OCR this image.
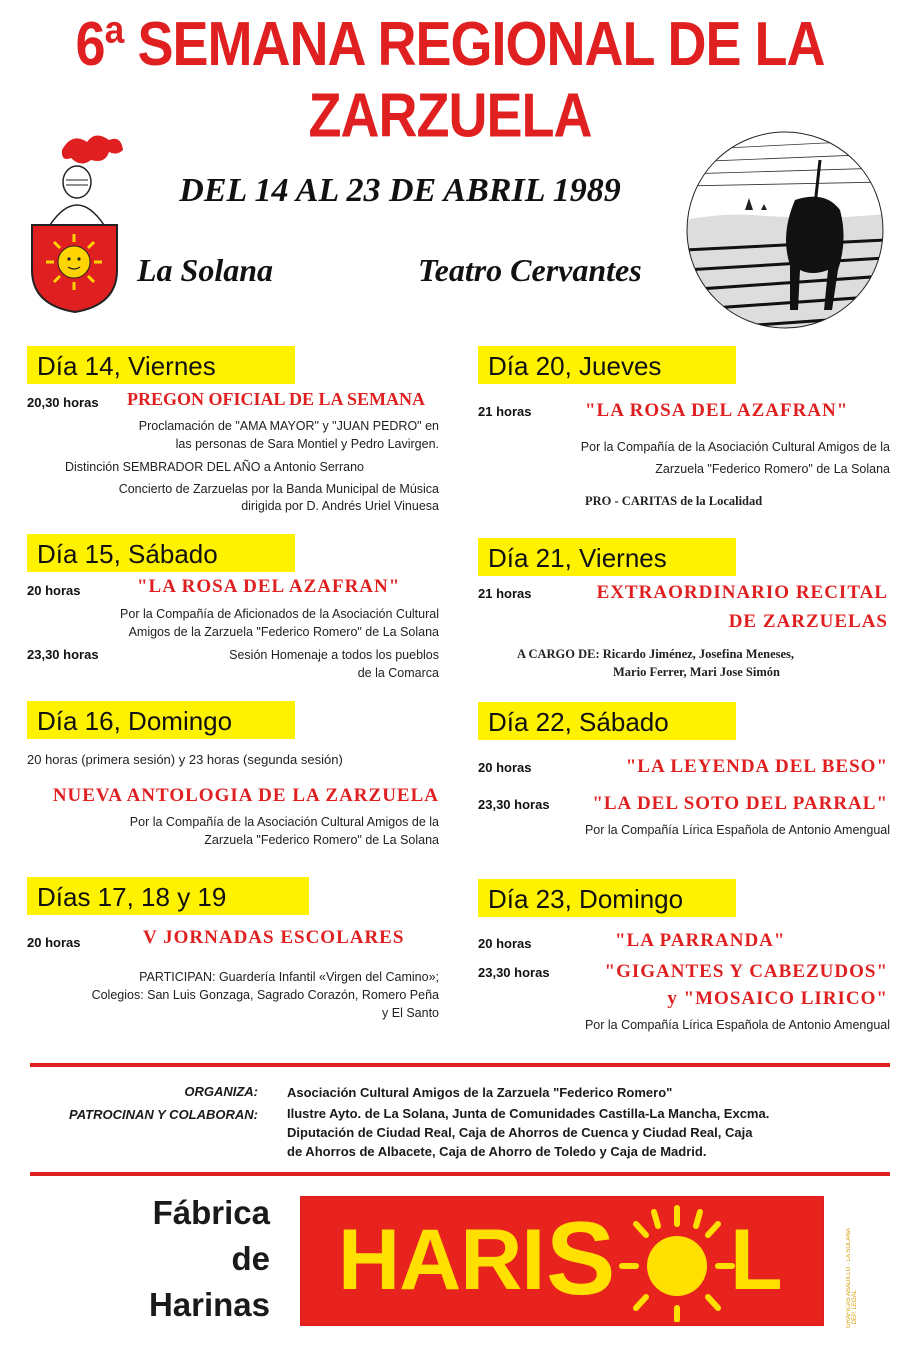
6ª SEMANA REGIONAL DE LA ZARZUELA
DEL 14 AL 23 DE ABRIL 1989
La Solana	Teatro Cervantes
Día 14, Viernes
20,30 horas PREGON OFICIAL DE LA SEMANA
Proclamación de "AMA MAYOR" y "JUAN PEDRO" en
las personas de Sara Montiel y Pedro Lavirgen.
Distinción SEMBRADOR DEL AÑO a Antonio Serrano
Concierto de Zarzuelas por la Banda Municipal de Música
dirigida por D. Andrés Uriel Vinuesa
Día 15, Sábado
20 horas	"LA ROSA DEL AZAFRAN"
Por la Compañía de Aficionados de la Asociación Cultural
Amigos de la Zarzuela "Federico Romero" de La Solana
23,30 horas	Sesión Homenaje a todos los pueblos
de la Comarca
Día 16, Domingo
20 horas (primera sesión) y 23 horas (segunda sesión)
NUEVA ANTOLOGIA DE LA ZARZUELA
Por la Compañía de la Asociación Cultural Amigos de la
Zarzuela "Federico Romero" de La Solana
Días 17, 18 y 19
20 horas	V JORNADAS ESCOLARES
PARTICIPAN: Guardería Infantil «Virgen del Camino»;
Colegios: San Luis Gonzaga, Sagrado Corazón, Romero Peña
y El Santo
Día 20, Jueves
21 horas	"LA ROSA DEL AZAFRAN"
Por la Compañía de la Asociación Cultural Amigos de la
Zarzuela "Federico Romero" de La Solana
PRO - CARITAS de la Localidad
Día 21, Viernes
21 horas	EXTRAORDINARIO RECITAL
DE ZARZUELAS
A CARGO DE: Ricardo Jiménez, Josefina Meneses,
Mario Ferrer, Mari Jose Simón
Día 22, Sábado
20 horas	"LA LEYENDA DEL BESO"
23,30 horas	"LA DEL SOTO DEL PARRAL"
Por la Compañía Lírica Española de Antonio Amengual
Día 23, Domingo
20 horas	"LA PARRANDA"
23,30 horas	"GIGANTES Y CABEZUDOS"
y "MOSAICO LIRICO"
Por la Compañía Lírica Española de Antonio Amengual
ORGANIZA: Asociación Cultural Amigos de la Zarzuela "Federico Romero"
PATROCINAN Y COLABORAN: Ilustre Ayto. de La Solana, Junta de Comunidades Castilla-La Mancha, Excma.
Diputación de Ciudad Real, Caja de Ahorros de Cuenca y Ciudad Real, Caja
de Ahorros de Albacete, Caja de Ahorro de Toledo y Caja de Madrid.
Fábrica
de
Harinas HARI S L	GRAFICAS ABADILLO · LA SOLANA · DEP. LEGAL
